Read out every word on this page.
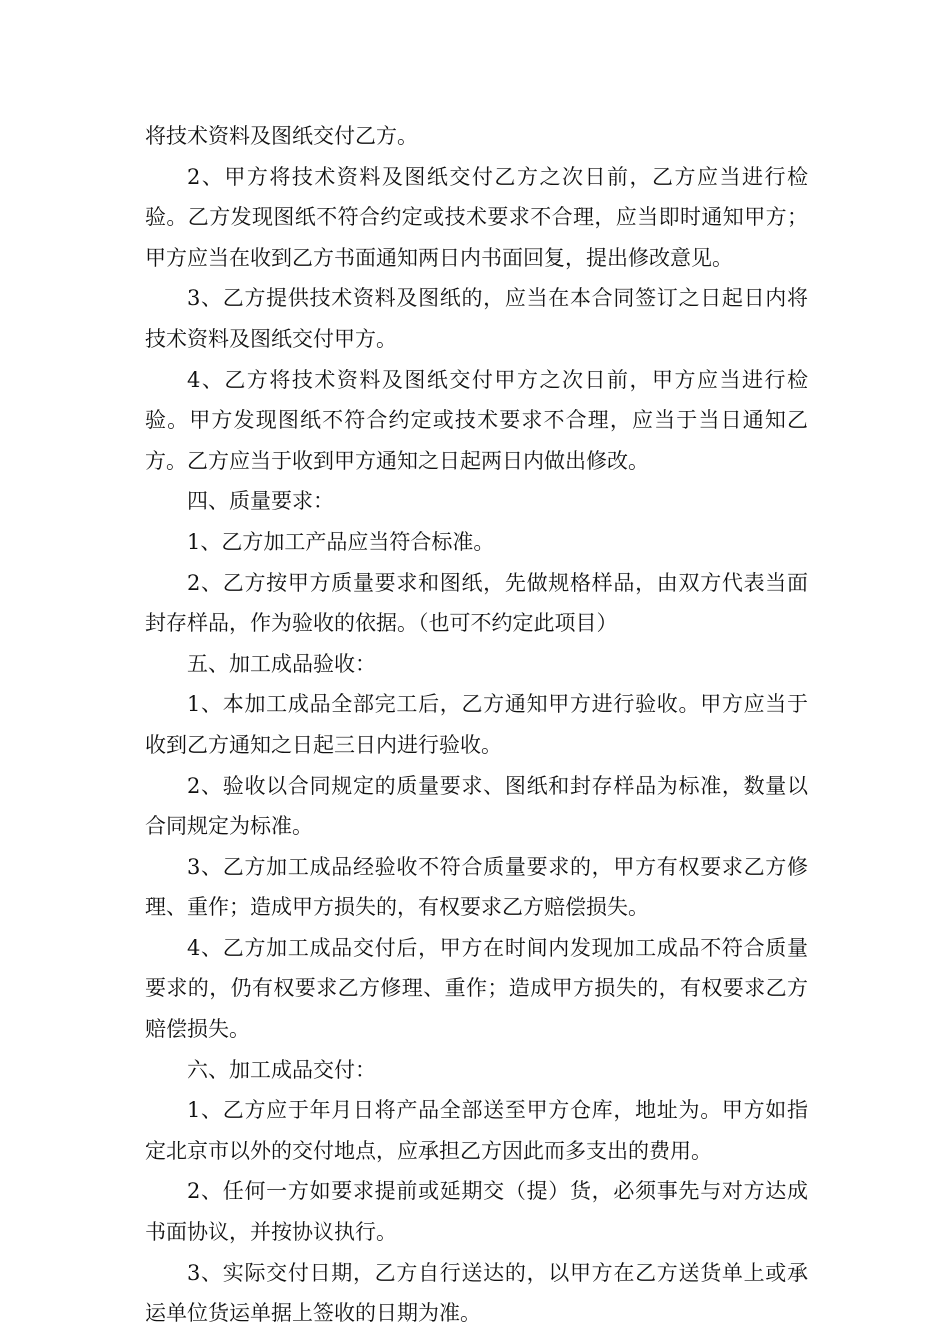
将技术资料及图纸交付乙方。

2、甲方将技术资料及图纸交付乙方之次日前，乙方应当进行检验。乙方发现图纸不符合约定或技术要求不合理，应当即时通知甲方；甲方应当在收到乙方书面通知两日内书面回复，提出修改意见。

3、乙方提供技术资料及图纸的，应当在本合同签订之日起日内将技术资料及图纸交付甲方。

4、乙方将技术资料及图纸交付甲方之次日前，甲方应当进行检验。甲方发现图纸不符合约定或技术要求不合理，应当于当日通知乙方。乙方应当于收到甲方通知之日起两日内做出修改。

四、质量要求：

1、乙方加工产品应当符合标准。

2、乙方按甲方质量要求和图纸，先做规格样品，由双方代表当面封存样品，作为验收的依据。（也可不约定此项目）

五、加工成品验收：

1、本加工成品全部完工后，乙方通知甲方进行验收。甲方应当于收到乙方通知之日起三日内进行验收。

2、验收以合同规定的质量要求、图纸和封存样品为标准，数量以合同规定为标准。

3、乙方加工成品经验收不符合质量要求的，甲方有权要求乙方修理、重作；造成甲方损失的，有权要求乙方赔偿损失。

4、乙方加工成品交付后，甲方在时间内发现加工成品不符合质量要求的，仍有权要求乙方修理、重作；造成甲方损失的，有权要求乙方赔偿损失。

六、加工成品交付：

1、乙方应于年月日将产品全部送至甲方仓库，地址为。甲方如指定北京市以外的交付地点，应承担乙方因此而多支出的费用。

2、任何一方如要求提前或延期交（提）货，必须事先与对方达成书面协议，并按协议执行。

3、实际交付日期，乙方自行送达的，以甲方在乙方送货单上或承运单位货运单据上签收的日期为准。
